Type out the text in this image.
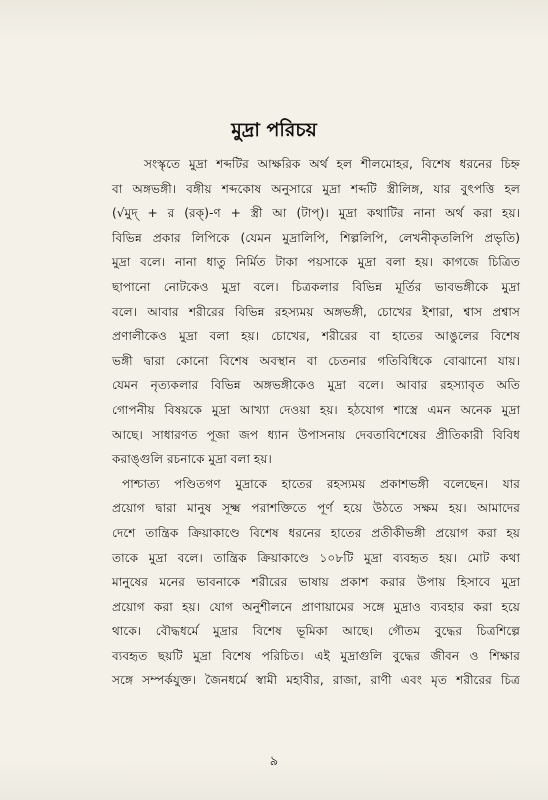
মুদ্রা পরিচয়
সংস্কৃতে মুদ্রা শব্দটির আক্ষরিক অর্থ হল শীলমোহর, বিশেষ ধরনের চিহ্ন
বা অঙ্গভঙ্গী। বঙ্গীয় শব্দকোষ অনুসারে মুদ্রা শব্দটি স্ত্রীলিঙ্গ, যার বুৎপত্তি হল
(√মুদ্ + র (রক্)-ণ + স্ত্রী আ (টাপ্)। মুদ্রা কথাটির নানা অর্থ করা হয়।
বিভিন্ন প্রকার লিপিকে (যেমন মুদ্রালিপি, শিল্পলিপি, লেখনীকৃতলিপি প্রভৃতি)
মুদ্রা বলে। নানা ধাতু নির্মিত টাকা পয়সাকে মুদ্রা বলা হয়। কাগজে চিত্রিত
ছাপানো নোটকেও মুদ্রা বলে। চিত্রকলার বিভিন্ন মূর্তির ভাবভঙ্গীকে মুদ্রা
বলে। আবার শরীরের বিভিন্ন রহস্যময় অঙ্গভঙ্গী, চোখের ইশারা, শ্বাস প্রশ্বাস
প্রণালীকেও মুদ্রা বলা হয়। চোখের, শরীরের বা হাতের আঙুলের বিশেষ
ভঙ্গী দ্বারা কোনো বিশেষ অবস্থান বা চেতনার গতিবিধিকে বোঝানো যায়।
যেমন নৃত্যকলার বিভিন্ন অঙ্গভঙ্গীকেও মুদ্রা বলে। আবার রহস্যাবৃত অতি
গোপনীয় বিষয়কে মুদ্রা আখ্যা দেওয়া হয়। হঠযোগ শাস্ত্রে এমন অনেক মুদ্রা
আছে। সাধারণত পূজা জপ ধ্যান উপাসনায় দেবতাবিশেষের প্রীতিকারী বিবিধ
করাঙ্গুলি রচনাকে মুদ্রা বলা হয়।
পাশ্চাত্য পণ্ডিতগণ মুদ্রাকে হাতের রহস্যময় প্রকাশভঙ্গী বলেছেন। যার
প্রয়োগ দ্বারা মানুষ সূক্ষ্ম পরাশক্তিতে পূর্ণ হয়ে উঠতে সক্ষম হয়। আমাদের
দেশে তান্ত্রিক ক্রিয়াকাণ্ডে বিশেষ ধরনের হাতের প্রতীকীভঙ্গী প্রয়োগ করা হয়
তাকে মুদ্রা বলে। তান্ত্রিক ক্রিয়াকাণ্ডে ১০৮টি মুদ্রা ব্যবহৃত হয়। মোট কথা
মানুষের মনের ভাবনাকে শরীরের ভাষায় প্রকাশ করার উপায় হিসাবে মুদ্রা
প্রয়োগ করা হয়। যোগ অনুশীলনে প্রাণায়ামের সঙ্গে মুদ্রাও ব্যবহার করা হয়ে
থাকে। বৌদ্ধধর্মে মুদ্রার বিশেষ ভূমিকা আছে। গৌতম বুদ্ধের চিত্রশিল্পে
ব্যবহৃত ছয়টি মুদ্রা বিশেষ পরিচিত। এই মুদ্রাগুলি বুদ্ধের জীবন ও শিক্ষার
সঙ্গে সম্পর্কযুক্ত। জৈনধর্মে স্বামী মহাবীর, রাজা, রাণী এবং মৃত শরীরের চিত্র
৯
